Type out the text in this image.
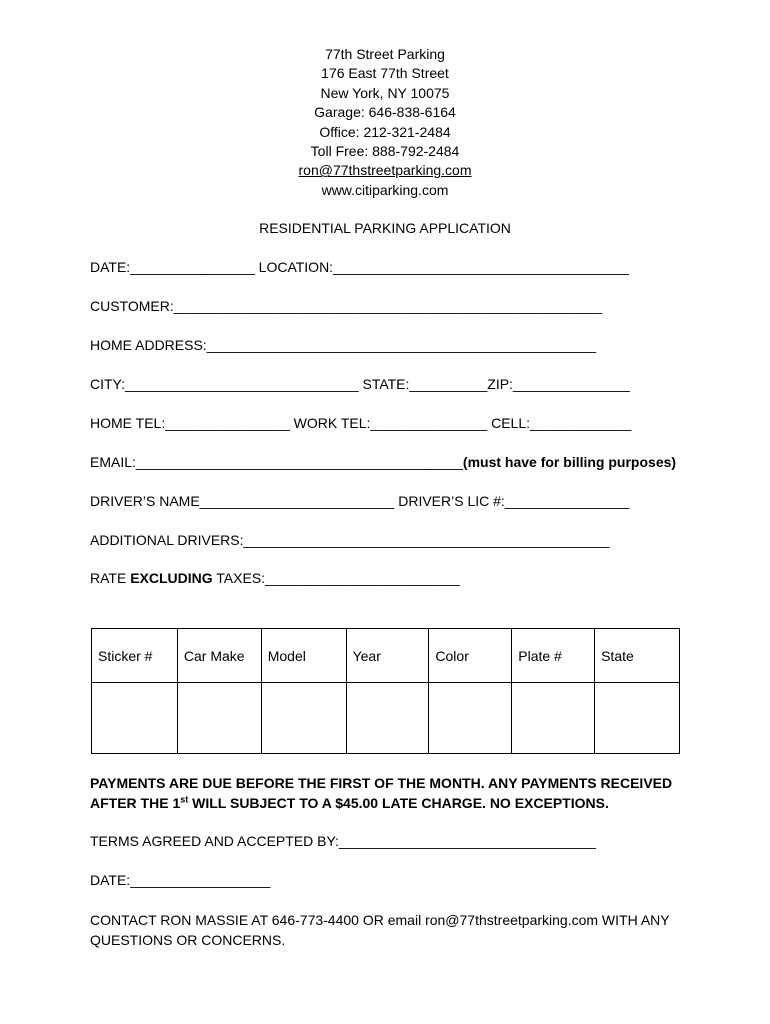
77th Street Parking
176 East 77th Street
New York, NY 10075
Garage: 646-838-6164
Office: 212-321-2484
Toll Free: 888-792-2484
ron@77thstreetparking.com
www.citiparking.com
RESIDENTIAL PARKING APPLICATION
DATE:________________ LOCATION:______________________________________
CUSTOMER:_______________________________________________________
HOME ADDRESS:__________________________________________________
CITY:______________________________ STATE:__________ZIP:_______________
HOME TEL:________________ WORK TEL:_______________ CELL:_____________
EMAIL:__________________________________________(must have for billing purposes)
DRIVER’S NAME_________________________ DRIVER’S LIC #:________________
ADDITIONAL DRIVERS:_______________________________________________
RATE EXCLUDING TAXES:_________________________
Sticker #	Car Make	Model	Year	Color	Plate #	State

PAYMENTS ARE DUE BEFORE THE FIRST OF THE MONTH. ANY PAYMENTS RECEIVED
AFTER THE 1st WILL SUBJECT TO A $45.00 LATE CHARGE. NO EXCEPTIONS.
TERMS AGREED AND ACCEPTED BY:_________________________________
DATE:__________________
CONTACT RON MASSIE AT 646-773-4400 OR email ron@77thstreetparking.com WITH ANY QUESTIONS OR CONCERNS.
